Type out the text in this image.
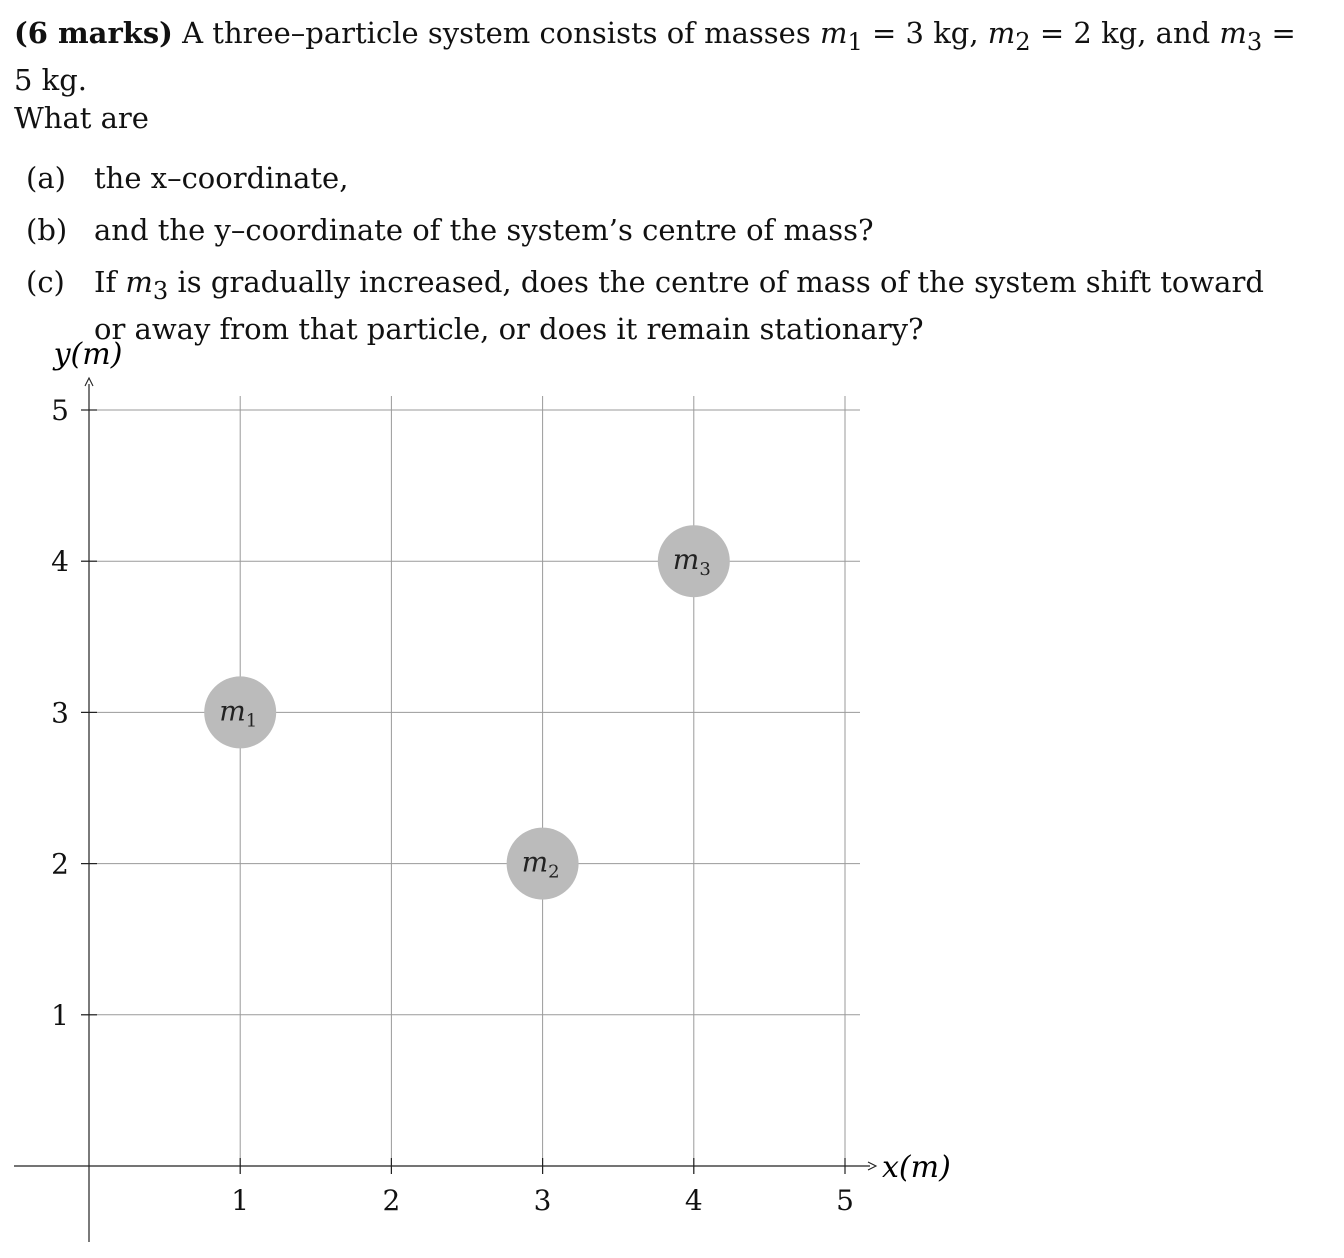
(6 marks) A three–particle system consists of masses $m_1 = 3$ kg, $m_2 = 2$ kg, and $m_3 = 5$ kg.
What are
(a) the x–coordinate,
(b) and the y–coordinate of the system’s centre of mass?
(c)	If $m_3$ is gradually increased, does the centre of mass of the system shift toward or away from that particle, or does it remain stationary?
1	2	3	4	5
1
2
3
4
5
$m_1$
$m_2$
$m_3$
y(m)
x(m)
